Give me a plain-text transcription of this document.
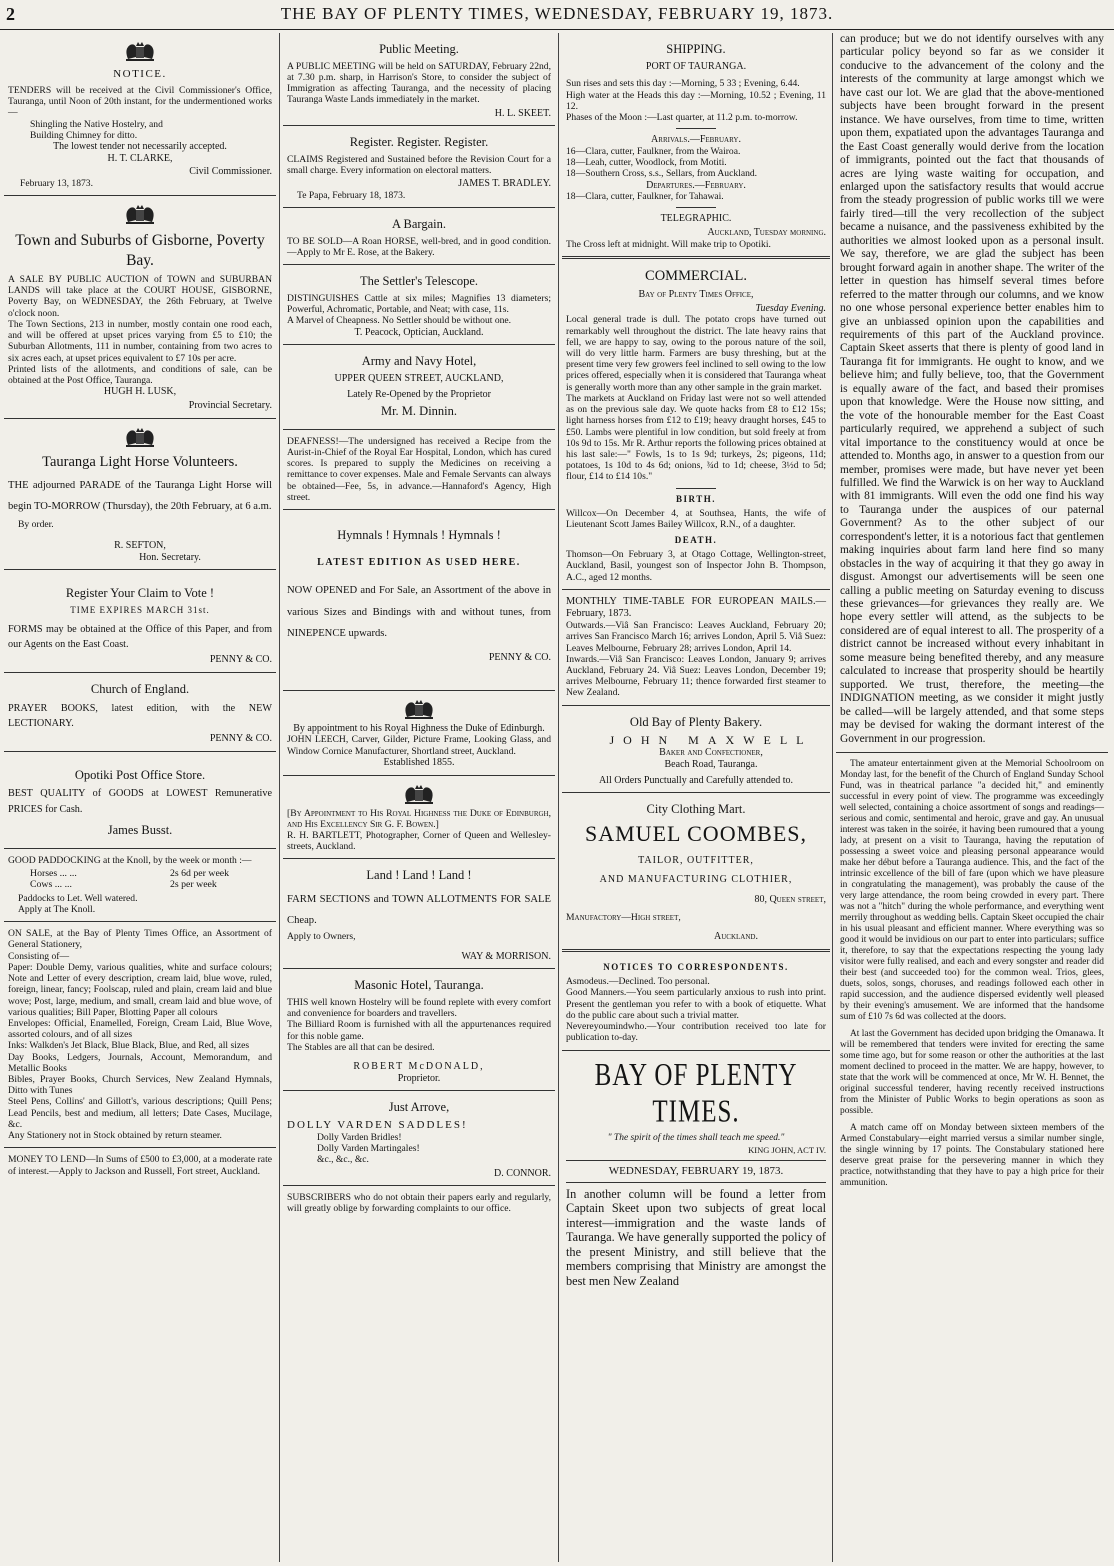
2	THE BAY OF PLENTY TIMES, WEDNESDAY, FEBRUARY 19, 1873.
NOTICE.
TENDERS will be received at the Civil Commissioner's Office, Tauranga, until Noon of 20th instant, for the undermentioned works—
Shingling the Native Hostelry, and
Building Chimney for ditto.
The lowest tender not necessarily accepted.
H. T. CLARKE,
Civil Commissioner.
February 13, 1873.
Town and Suburbs of Gisborne, Poverty Bay.
A SALE BY PUBLIC AUCTION of TOWN and SUBURBAN LANDS will take place at the COURT HOUSE, GISBORNE, Poverty Bay, on WEDNESDAY, the 26th February, at Twelve o'clock noon.
The Town Sections, 213 in number, mostly contain one rood each, and will be offered at upset prices varying from £5 to £10; the Suburban Allotments, 111 in number, containing from two acres to six acres each, at upset prices equivalent to £7 10s per acre.
Printed lists of the allotments, and conditions of sale, can be obtained at the Post Office, Tauranga.
HUGH H. LUSK,
Provincial Secretary.
Tauranga Light Horse Volunteers.
THE adjourned PARADE of the Tauranga Light Horse will begin TO-MORROW (Thursday), the 20th February, at 6 a.m.
By order.
R. SEFTON,
Hon. Secretary.
Register Your Claim to Vote !
TIME EXPIRES MARCH 31st.
FORMS may be obtained at the Office of this Paper, and from our Agents on the East Coast.
PENNY & CO.
Church of England.
PRAYER BOOKS, latest edition, with the NEW LECTIONARY.
PENNY & CO.
Opotiki Post Office Store.
BEST QUALITY of GOODS at LOWEST Remunerative PRICES for Cash.
James Busst.
GOOD PADDOCKING at the Knoll, by the week or month :—
Horses ... ...	2s 6d per week
Cows ... ...	2s per week
Paddocks to Let. Well watered.
Apply at The Knoll.
ON SALE, at the Bay of Plenty Times Office, an Assortment of General Stationery,
Consisting of—
Paper: Double Demy, various qualities, white and surface colours; Note and Letter of every description, cream laid, blue wove, ruled, foreign, linear, fancy; Foolscap, ruled and plain, cream laid and blue wove; Post, large, medium, and small, cream laid and blue wove, of various qualities; Bill Paper, Blotting Paper all colours
Envelopes: Official, Enamelled, Foreign, Cream Laid, Blue Wove, assorted colours, and of all sizes
Inks: Walkden's Jet Black, Blue Black, Blue, and Red, all sizes
Day Books, Ledgers, Journals, Account, Memorandum, and Metallic Books
Bibles, Prayer Books, Church Services, New Zealand Hymnals, Ditto with Tunes
Steel Pens, Collins' and Gillott's, various descriptions; Quill Pens; Lead Pencils, best and medium, all letters; Date Cases, Mucilage, &c.
Any Stationery not in Stock obtained by return steamer.
MONEY TO LEND—In Sums of £500 to £3,000, at a moderate rate of interest.—Apply to Jackson and Russell, Fort street, Auckland.
Public Meeting.
A PUBLIC MEETING will be held on SATURDAY, February 22nd, at 7.30 p.m. sharp, in Harrison's Store, to consider the subject of Immigration as affecting Tauranga, and the necessity of placing Tauranga Waste Lands immediately in the market.
H. L. SKEET.
Register. Register. Register.
CLAIMS Registered and Sustained before the Revision Court for a small charge. Every information on electoral matters.
JAMES T. BRADLEY.
Te Papa, February 18, 1873.
A Bargain.
TO BE SOLD—A Roan HORSE, well-bred, and in good condition.—Apply to Mr E. Rose, at the Bakery.
The Settler's Telescope.
DISTINGUISHES Cattle at six miles; Magnifies 13 diameters; Powerful, Achromatic, Portable, and Neat; with case, 11s.
A Marvel of Cheapness. No Settler should be without one.
T. Peacock, Optician, Auckland.
Army and Navy Hotel,
UPPER QUEEN STREET, AUCKLAND,
Lately Re-Opened by the Proprietor
Mr. M. Dinnin.
DEAFNESS!—The undersigned has received a Recipe from the Aurist-in-Chief of the Royal Ear Hospital, London, which has cured scores. Is prepared to supply the Medicines on receiving a remittance to cover expenses. Male and Female Servants can always be obtained—Fee, 5s, in advance.—Hannaford's Agency, High street.
Hymnals ! Hymnals ! Hymnals !
LATEST EDITION AS USED HERE.
NOW OPENED and For Sale, an Assortment of the above in various Sizes and Bindings with and without tunes, from NINEPENCE upwards.
PENNY & CO.
By appointment to his Royal Highness the Duke of Edinburgh.
JOHN LEECH, Carver, Gilder, Picture Frame, Looking Glass, and Window Cornice Manufacturer, Shortland street, Auckland.
Established 1855.
[By Appointment to His Royal Highness the Duke of Edinburgh, and His Excellency Sir G. F. Bowen.]
R. H. BARTLETT, Photographer, Corner of Queen and Wellesley-streets, Auckland.
Land ! Land ! Land !
FARM SECTIONS and TOWN ALLOTMENTS FOR SALE Cheap.
Apply to Owners,
WAY & MORRISON.
Masonic Hotel, Tauranga.
THIS well known Hostelry will be found replete with every comfort and convenience for boarders and travellers.
The Billiard Room is furnished with all the appurtenances required for this noble game.
The Stables are all that can be desired.
ROBERT McDONALD,
Proprietor.
Just Arrove,
DOLLY VARDEN SADDLES!
Dolly Varden Bridles!
Dolly Varden Martingales!
&c., &c., &c.
D. CONNOR.
SUBSCRIBERS who do not obtain their papers early and regularly, will greatly oblige by forwarding complaints to our office.
SHIPPING.
PORT OF TAURANGA.
Sun rises and sets this day :—Morning, 5 33 ; Evening, 6.44.
High water at the Heads this day :—Morning, 10.52 ; Evening, 11 12.
Phases of the Moon :—Last quarter, at 11.2 p.m. to-morrow.
Arrivals.—February.
16—Clara, cutter, Faulkner, from the Wairoa.
18—Leah, cutter, Woodlock, from Motiti.
18—Southern Cross, s.s., Sellars, from Auckland.
Departures.—February.
18—Clara, cutter, Faulkner, for Tahawai.
TELEGRAPHIC.
Auckland, Tuesday morning.
The Cross left at midnight. Will make trip to Opotiki.
COMMERCIAL.
Bay of Plenty Times Office,
Tuesday Evening.
Local general trade is dull. The potato crops have turned out remarkably well throughout the district. The late heavy rains that fell, we are happy to say, owing to the porous nature of the soil, will do very little harm. Farmers are busy threshing, but at the present time very few growers feel inclined to sell owing to the low prices offered, especially when it is considered that Tauranga wheat is generally worth more than any other sample in the grain market.
The markets at Auckland on Friday last were not so well attended as on the previous sale day. We quote hacks from £8 to £12 15s; light harness horses from £12 to £19; heavy draught horses, £45 to £50. Lambs were plentiful in low condition, but sold freely at from 10s 9d to 15s. Mr R. Arthur reports the following prices obtained at his last sale:—" Fowls, 1s to 1s 9d; turkeys, 2s; pigeons, 11d; potatoes, 1s 10d to 4s 6d; onions, ¾d to 1d; cheese, 3½d to 5d; flour, £14 to £14 10s."
BIRTH.
Willcox—On December 4, at Southsea, Hants, the wife of Lieutenant Scott James Bailey Willcox, R.N., of a daughter.
DEATH.
Thomson—On February 3, at Otago Cottage, Wellington-street, Auckland, Basil, youngest son of Inspector John B. Thompson, A.C., aged 12 months.
MONTHLY TIME-TABLE FOR EUROPEAN MAILS.—February, 1873.
Outwards.—Viâ San Francisco: Leaves Auckland, February 20; arrives San Francisco March 16; arrives London, April 5. Viâ Suez: Leaves Melbourne, February 28; arrives London, April 14.
Inwards.—Viâ San Francisco: Leaves London, January 9; arrives Auckland, February 24. Viâ Suez: Leaves London, December 19; arrives Melbourne, February 11; thence forwarded first steamer to New Zealand.
Old Bay of Plenty Bakery.
JOHN MAXWELL
Baker and Confectioner,
Beach Road, Tauranga.
All Orders Punctually and Carefully attended to.
City Clothing Mart.
SAMUEL COOMBES,
TAILOR, OUTFITTER,
AND MANUFACTURING CLOTHIER,
80, Queen street,
Manufactory—High street,
Auckland.
NOTICES TO CORRESPONDENTS.
Asmodeus.—Declined. Too personal.
Good Manners.—You seem particularly anxious to rush into print. Present the gentleman you refer to with a book of etiquette. What do the public care about such a trivial matter.
Nevereyoumindwho.—Your contribution received too late for publication to-day.
BAY OF PLENTY TIMES.
" The spirit of the times shall teach me speed."
KING JOHN, ACT IV.
WEDNESDAY, FEBRUARY 19, 1873.
In another column will be found a letter from Captain Skeet upon two subjects of great local interest—immigration and the waste lands of Tauranga. We have generally supported the policy of the present Ministry, and still believe that the members comprising that Ministry are amongst the best men New Zealand
can produce; but we do not identify ourselves with any particular policy beyond so far as we consider it conducive to the advancement of the colony and the interests of the community at large amongst which we have cast our lot. We are glad that the above-mentioned subjects have been brought forward in the present instance. We have ourselves, from time to time, written upon them, expatiated upon the advantages Tauranga and the East Coast generally would derive from the location of immigrants, pointed out the fact that thousands of acres are lying waste waiting for occupation, and enlarged upon the satisfactory results that would accrue from the steady progression of public works till we were fairly tired—till the very recollection of the subject became a nuisance, and the passiveness exhibited by the authorities we almost looked upon as a personal insult. We say, therefore, we are glad the subject has been brought forward again in another shape. The writer of the letter in question has himself several times before referred to the matter through our columns, and we know no one whose personal experience better enables him to give an unbiassed opinion upon the capabilities and requirements of this part of the Auckland province. Captain Skeet asserts that there is plenty of good land in Tauranga fit for immigrants. He ought to know, and we believe him; and fully believe, too, that the Government is equally aware of the fact, and based their promises upon that knowledge. Were the House now sitting, and the vote of the honourable member for the East Coast particularly required, we apprehend a subject of such vital importance to the constituency would at once be attended to. Months ago, in answer to a question from our member, promises were made, but have never yet been fulfilled. We find the Warwick is on her way to Auckland with 81 immigrants. Will even the odd one find his way to Tauranga under the auspices of our paternal Government? As to the other subject of our correspondent's letter, it is a notorious fact that gentlemen making inquiries about farm land here find so many obstacles in the way of acquiring it that they go away in disgust. Amongst our advertisements will be seen one calling a public meeting on Saturday evening to discuss these grievances—for grievances they really are. We hope every settler will attend, as the subjects to be considered are of equal interest to all. The prosperity of a district cannot be increased without every inhabitant in some measure being benefited thereby, and any measure calculated to increase that prosperity should be heartily supported. We trust, therefore, the meeting—the INDIGNATION meeting, as we consider it might justly be called—will be largely attended, and that some steps may be devised for waking the dormant interest of the Government in our progression.
The amateur entertainment given at the Memorial Schoolroom on Monday last, for the benefit of the Church of England Sunday School Fund, was in theatrical parlance "a decided hit," and eminently successful in every point of view. The programme was exceedingly well selected, containing a choice assortment of songs and readings—serious and comic, sentimental and heroic, grave and gay. An unusual interest was taken in the soirée, it having been rumoured that a young lady, at present on a visit to Tauranga, having the reputation of possessing a sweet voice and pleasing personal appearance would make her début before a Tauranga audience. This, and the fact of the intrinsic excellence of the bill of fare (upon which we have pleasure in congratulating the management), was probably the cause of the very large attendance, the room being crowded in every part. There was not a "hitch" during the whole performance, and everything went merrily throughout as wedding bells. Captain Skeet occupied the chair in his usual pleasant and efficient manner. Where everything was so good it would be invidious on our part to enter into particulars; suffice it, therefore, to say that the expectations respecting the young lady visitor were fully realised, and each and every songster and reader did their best (and succeeded too) for the common weal. Trios, glees, duets, solos, songs, choruses, and readings followed each other in rapid succession, and the audience dispersed evidently well pleased by their evening's amusement. We are informed that the handsome sum of £10 7s 6d was collected at the doors.
At last the Government has decided upon bridging the Omanawa. It will be remembered that tenders were invited for erecting the same some time ago, but for some reason or other the authorities at the last moment declined to proceed in the matter. We are happy, however, to state that the work will be commenced at once, Mr W. H. Bennet, the original successful tenderer, having recently received instructions from the Minister of Public Works to begin operations as soon as possible.
A match came off on Monday between sixteen members of the Armed Constabulary—eight married versus a similar number single, the single winning by 17 points. The Constabulary stationed here deserve great praise for the persevering manner in which they practice, notwithstanding that they have to pay a high price for their ammunition.
